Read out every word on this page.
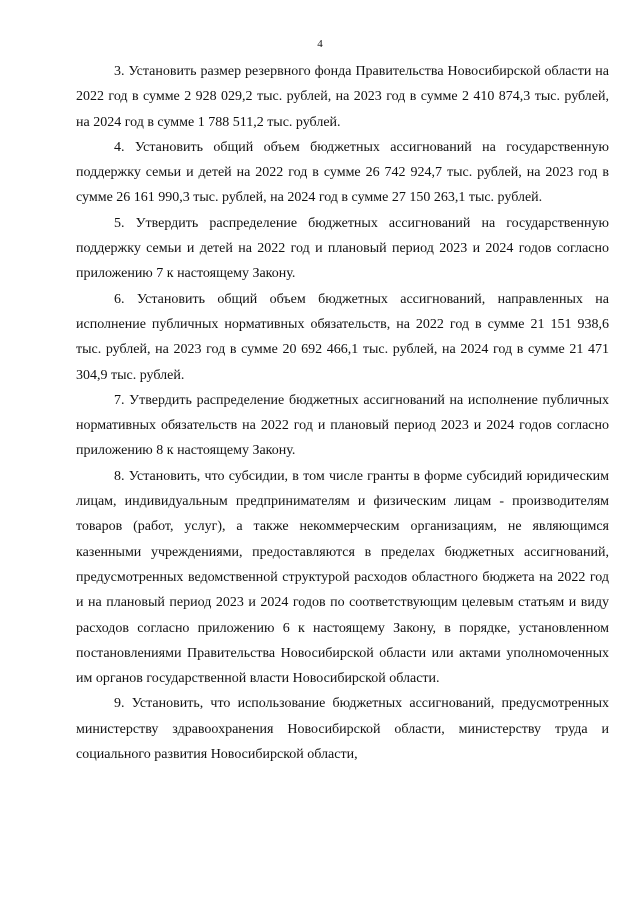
4

3. Установить размер резервного фонда Правительства Новосибирской области на 2022 год в сумме 2 928 029,2 тыс. рублей, на 2023 год в сумме 2 410 874,3 тыс. рублей, на 2024 год в сумме 1 788 511,2 тыс. рублей.

4. Установить общий объем бюджетных ассигнований на государственную поддержку семьи и детей на 2022 год в сумме 26 742 924,7 тыс. рублей, на 2023 год в сумме 26 161 990,3 тыс. рублей, на 2024 год в сумме 27 150 263,1 тыс. рублей.

5. Утвердить распределение бюджетных ассигнований на государственную поддержку семьи и детей на 2022 год и плановый период 2023 и 2024 годов согласно приложению 7 к настоящему Закону.

6. Установить общий объем бюджетных ассигнований, направленных на исполнение публичных нормативных обязательств, на 2022 год в сумме 21 151 938,6 тыс. рублей, на 2023 год в сумме 20 692 466,1 тыс. рублей, на 2024 год в сумме 21 471 304,9 тыс. рублей.

7. Утвердить распределение бюджетных ассигнований на исполнение публичных нормативных обязательств на 2022 год и плановый период 2023 и 2024 годов согласно приложению 8 к настоящему Закону.

8. Установить, что субсидии, в том числе гранты в форме субсидий юридическим лицам, индивидуальным предпринимателям и физическим лицам - производителям товаров (работ, услуг), а также некоммерческим организациям, не являющимся казенными учреждениями, предоставляются в пределах бюджетных ассигнований, предусмотренных ведомственной структурой расходов областного бюджета на 2022 год и на плановый период 2023 и 2024 годов по соответствующим целевым статьям и виду расходов согласно приложению 6 к настоящему Закону, в порядке, установленном постановлениями Правительства Новосибирской области или актами уполномоченных им органов государственной власти Новосибирской области.

9. Установить, что использование бюджетных ассигнований, предусмотренных министерству здравоохранения Новосибирской области, министерству труда и социального развития Новосибирской области,
